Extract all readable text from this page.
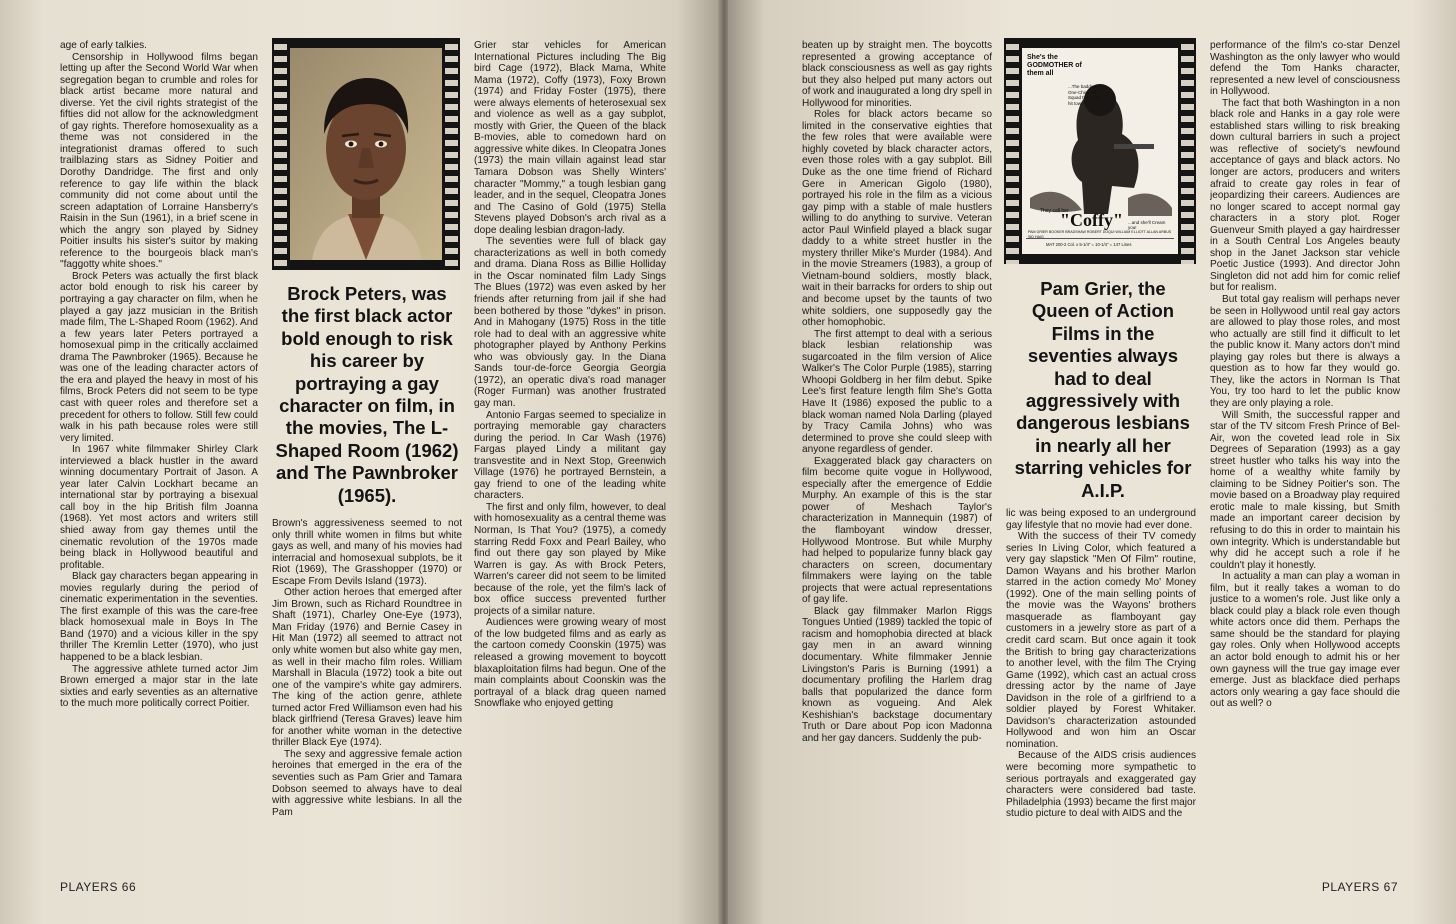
age of early talkies.

Censorship in Hollywood films began letting up after the Second World War when segregation began to crumble and roles for black artist became more natural and diverse. Yet the civil rights strategist of the fifties did not allow for the acknowledgment of gay rights. Therefore homosexuality as a theme was not considered in the integrationist dramas offered to such trailblazing stars as Sidney Poitier and Dorothy Dandridge. The first and only reference to gay life within the black community did not come about until the screen adaptation of Lorraine Hansberry's Raisin in the Sun (1961), in a brief scene in which the angry son played by Sidney Poitier insults his sister's suitor by making reference to the bourgeois black man's "faggotty white shoes."

Brock Peters was actually the first black actor bold enough to risk his career by portraying a gay character on film, when he played a gay jazz musician in the British made film, The L-Shaped Room (1962). And a few years later Peters portrayed a homosexual pimp in the critically acclaimed drama The Pawnbroker (1965). Because he was one of the leading character actors of the era and played the heavy in most of his films, Brock Peters did not seem to be type cast with queer roles and therefore set a precedent for others to follow. Still few could walk in his path because roles were still very limited.

In 1967 white filmmaker Shirley Clark interviewed a black hustler in the award winning documentary Portrait of Jason. A year later Calvin Lockhart became an international star by portraying a bisexual call boy in the hip British film Joanna (1968). Yet most actors and writers still shied away from gay themes until the cinematic revolution of the 1970s made being black in Hollywood beautiful and profitable.

Black gay characters began appearing in movies regularly during the period of cinematic experimentation in the seventies. The first example of this was the care-free black homosexual male in Boys In The Band (1970) and a vicious killer in the spy thriller The Kremlin Letter (1970), who just happened to be a black lesbian.

The aggressive athlete turned actor Jim Brown emerged a major star in the late sixties and early seventies as an alternative to the much more politically correct Poitier.

Brock Peters, was the first black actor bold enough to risk his career by portraying a gay character on film, in the movies, The L-Shaped Room (1962) and The Pawnbroker (1965).

Brown's aggressiveness seemed to not only thrill white women in films but white gays as well, and many of his movies had interracial and homosexual subplots, be it Riot (1969), The Grasshopper (1970) or Escape From Devils Island (1973).

Other action heroes that emerged after Jim Brown, such as Richard Roundtree in Shaft (1971), Charley One-Eye (1973), Man Friday (1976) and Bernie Casey in Hit Man (1972) all seemed to attract not only white women but also white gay men, as well in their macho film roles. William Marshall in Blacula (1972) took a bite out one of the vampire's white gay admirers. The king of the action genre, athlete turned actor Fred Williamson even had his black girlfriend (Teresa Graves) leave him for another white woman in the detective thriller Black Eye (1974).

The sexy and aggressive female action heroines that emerged in the era of the seventies such as Pam Grier and Tamara Dobson seemed to always have to deal with aggressive white lesbians. In all the Pam

Grier star vehicles for American International Pictures including The Big bird Cage (1972), Black Mama, White Mama (1972), Coffy (1973), Foxy Brown (1974) and Friday Foster (1975), there were always elements of heterosexual sex and violence as well as a gay subplot, mostly with Grier, the Queen of the black B-movies, able to comedown hard on aggressive white dikes. In Cleopatra Jones (1973) the main villain against lead star Tamara Dobson was Shelly Winters' character "Mommy," a tough lesbian gang leader, and in the sequel, Cleopatra Jones and The Casino of Gold (1975) Stella Stevens played Dobson's arch rival as a dope dealing lesbian dragon-lady.

The seventies were full of black gay characterizations as well in both comedy and drama. Diana Ross as Billie Holliday in the Oscar nominated film Lady Sings The Blues (1972) was even asked by her friends after returning from jail if she had been bothered by those "dykes" in prison. And in Mahogany (1975) Ross in the title role had to deal with an aggressive white photographer played by Anthony Perkins who was obviously gay. In the Diana Sands tour-de-force Georgia Georgia (1972), an operatic diva's road manager (Roger Furman) was another frustrated gay man.

Antonio Fargas seemed to specialize in portraying memorable gay characters during the period. In Car Wash (1976) Fargas played Lindy a militant gay transvestite and in Next Stop, Greenwich Village (1976) he portrayed Bernstein, a gay friend to one of the leading white characters.

The first and only film, however, to deal with homosexuality as a central theme was Norman, Is That You? (1975), a comedy starring Redd Foxx and Pearl Bailey, who find out there gay son played by Mike Warren is gay. As with Brock Peters, Warren's career did not seem to be limited because of the role, yet the film's lack of box office success prevented further projects of a similar nature.

Audiences were growing weary of most of the low budgeted films and as early as the cartoon comedy Coonskin (1975) was released a growing movement to boycott blaxaploitation films had begun. One of the main complaints about Coonskin was the portrayal of a black drag queen named Snowflake who enjoyed getting

PLAYERS 66

beaten up by straight men. The boycotts represented a growing acceptance of black consciousness as well as gay rights but they also helped put many actors out of work and inaugurated a long dry spell in Hollywood for minorities.

Roles for black actors became so limited in the conservative eighties that the few roles that were available were highly coveted by black character actors, even those roles with a gay subplot. Bill Duke as the one time friend of Richard Gere in American Gigolo (1980), portrayed his role in the film as a vicious gay pimp with a stable of male hustlers willing to do anything to survive. Veteran actor Paul Winfield played a black sugar daddy to a white street hustler in the mystery thriller Mike's Murder (1984). And in the movie Streamers (1983), a group of Vietnam-bound soldiers, mostly black, wait in their barracks for orders to ship out and become upset by the taunts of two white soldiers, one supposedly gay the other homophobic.

The first attempt to deal with a serious black lesbian relationship was sugarcoated in the film version of Alice Walker's The Color Purple (1985), starring Whoopi Goldberg in her film debut. Spike Lee's first feature length film She's Gotta Have It (1986) exposed the public to a black woman named Nola Darling (played by Tracy Camila Johns) who was determined to prove she could sleep with anyone regardless of gender.

Exaggerated black gay characters on film become quite vogue in Hollywood, especially after the emergence of Eddie Murphy. An example of this is the star power of Meshach Taylor's characterization in Mannequin (1987) of the flamboyant window dresser, Hollywood Montrose. But while Murphy had helped to popularize funny black gay characters on screen, documentary filmmakers were laying on the table projects that were actual representations of gay life.

Black gay filmmaker Marlon Riggs Tongues Untied (1989) tackled the topic of racism and homophobia directed at black gay men in an award winning documentary. White filmmaker Jennie Livingston's Paris is Burning (1991) a documentary profiling the Harlem drag balls that popularized the dance form known as vogueing. And Alek Keshishian's backstage documentary Truth or Dare about Pop icon Madonna and her gay dancers. Suddenly the pub-

She's the GODMOTHER of them all
...The baddest One-Chick Hit-Squad that ever hit town!
They call her
"Coffy" ...and she'll Cream you!
PAM GRIER BOOKER BRADSHAW ROBERT DOQUI WILLIAM ELLIOTT ALLAN ARBUS SID HAIG
MAT 200-2 Col. x 5-1/4" = 10-1/4" = 147 Lines
Pam Grier, the Queen of Action Films in the seventies always had to deal aggressively with dangerous lesbians in nearly all her starring vehicles for A.I.P.

lic was being exposed to an underground gay lifestyle that no movie had ever done.

With the success of their TV comedy series In Living Color, which featured a very gay slapstick "Men Of Film" routine, Damon Wayans and his brother Marlon starred in the action comedy Mo' Money (1992). One of the main selling points of the movie was the Wayons' brothers masquerade as flamboyant gay customers in a jewelry store as part of a credit card scam. But once again it took the British to bring gay characterizations to another level, with the film The Crying Game (1992), which cast an actual cross dressing actor by the name of Jaye Davidson in the role of a girlfriend to a soldier played by Forest Whitaker. Davidson's characterization astounded Hollywood and won him an Oscar nomination.

Because of the AIDS crisis audiences were becoming more sympathetic to serious portrayals and exaggerated gay characters were considered bad taste. Philadelphia (1993) became the first major studio picture to deal with AIDS and the

performance of the film's co-star Denzel Washington as the only lawyer who would defend the Tom Hanks character, represented a new level of consciousness in Hollywood.

The fact that both Washington in a non black role and Hanks in a gay role were established stars willing to risk breaking down cultural barriers in such a project was reflective of society's newfound acceptance of gays and black actors. No longer are actors, producers and writers afraid to create gay roles in fear of jeopardizing their careers. Audiences are no longer scared to accept normal gay characters in a story plot. Roger Guenveur Smith played a gay hairdresser in a South Central Los Angeles beauty shop in the Janet Jackson star vehicle Poetic Justice (1993). And director John Singleton did not add him for comic relief but for realism.

But total gay realism will perhaps never be seen in Hollywood until real gay actors are allowed to play those roles, and most who actually are still find it difficult to let the public know it. Many actors don't mind playing gay roles but there is always a question as to how far they would go. They, like the actors in Norman Is That You, try too hard to let the public know they are only playing a role.

Will Smith, the successful rapper and star of the TV sitcom Fresh Prince of Bel-Air, won the coveted lead role in Six Degrees of Separation (1993) as a gay street hustler who talks his way into the home of a wealthy white family by claiming to be Sidney Poitier's son. The movie based on a Broadway play required erotic male to male kissing, but Smith made an important career decision by refusing to do this in order to maintain his own integrity. Which is understandable but why did he accept such a role if he couldn't play it honestly.

In actuality a man can play a woman in film, but it really takes a woman to do justice to a women's role. Just like only a black could play a black role even though white actors once did them. Perhaps the same should be the standard for playing gay roles. Only when Hollywood accepts an actor bold enough to admit his or her own gayness will the true gay image ever emerge. Just as blackface died perhaps actors only wearing a gay face should die out as well? o

PLAYERS 67
